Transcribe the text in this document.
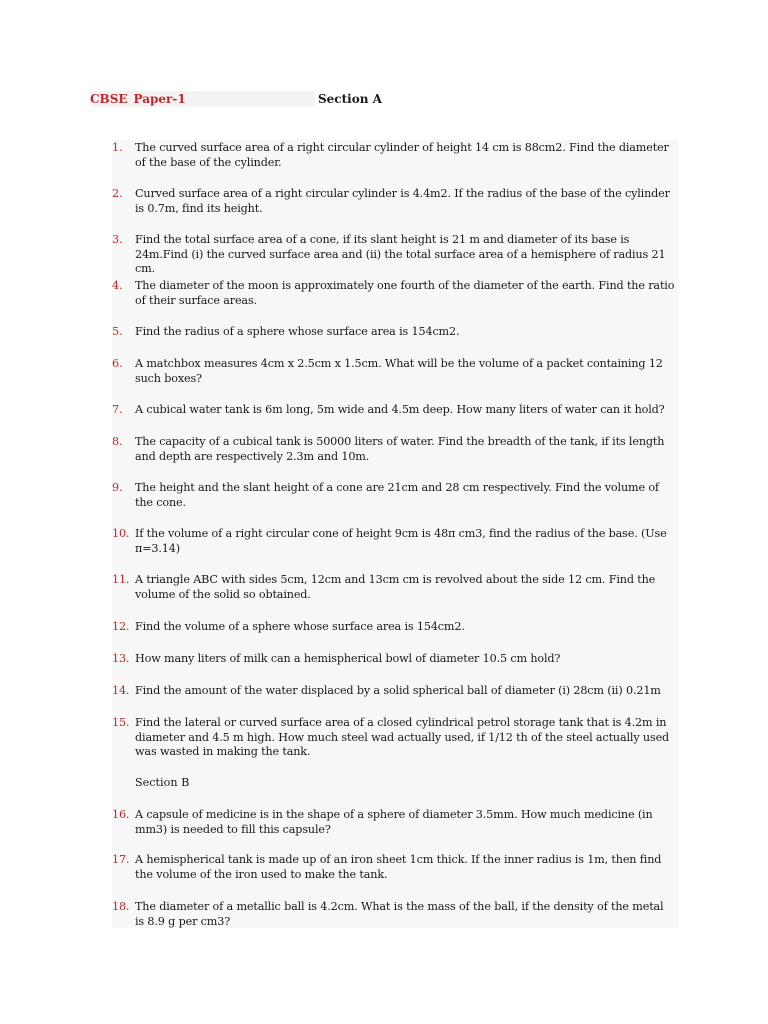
CBSE Paper-1	Section A
1.	The curved surface area of a right circular cylinder of height 14 cm is 88cm2. Find the diameter of the base of the cylinder.
2.	Curved surface area of a right circular cylinder is 4.4m2. If the radius of the base of the cylinder is 0.7m, find its height.
3.	Find the total surface area of a cone, if its slant height is 21 m and diameter of its base is 24m.Find (i) the curved surface area and (ii) the total surface area of a hemisphere of radius 21 cm.
4.	The diameter of the moon is approximately one fourth of the diameter of the earth. Find the ratio of their surface areas.
5.	Find the radius of a sphere whose surface area is 154cm2.
6.	A matchbox measures 4cm x 2.5cm x 1.5cm. What will be the volume of a packet containing 12 such boxes?
7.	A cubical water tank is 6m long, 5m wide and 4.5m deep. How many liters of water can it hold?
8.	The capacity of a cubical tank is 50000 liters of water. Find the breadth of the tank, if its length and depth are respectively 2.3m and 10m.
9.	The height and the slant height of a cone are 21cm and 28 cm respectively. Find the volume of the cone.
10. If the volume of a right circular cone of height 9cm is 48π cm3, find the radius of the base. (Use π=3.14)
11. A triangle ABC with sides 5cm, 12cm and 13cm cm is revolved about the side 12 cm. Find the volume of the solid so obtained.
12. Find the volume of a sphere whose surface area is 154cm2.
13. How many liters of milk can a hemispherical bowl of diameter 10.5 cm hold?
14. Find the amount of the water displaced by a solid spherical ball of diameter (i) 28cm (ii) 0.21m
15. Find the lateral or curved surface area of a closed cylindrical petrol storage tank that is 4.2m in diameter and 4.5 m high. How much steel wad actually used, if 1/12 th of the steel actually used was wasted in making the tank.
Section B
16. A capsule of medicine is in the shape of a sphere of diameter 3.5mm. How much medicine (in mm3) is needed to fill this capsule?
17. A hemispherical tank is made up of an iron sheet 1cm thick. If the inner radius is 1m, then find the volume of the iron used to make the tank.
18. The diameter of a metallic ball is 4.2cm. What is the mass of the ball, if the density of the metal is 8.9 g per cm3?
